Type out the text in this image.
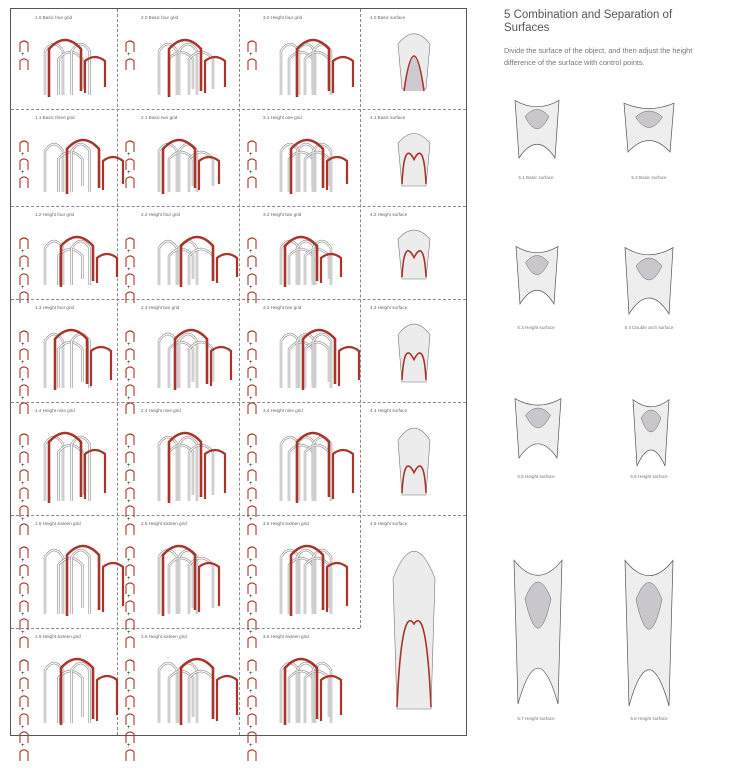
1.0 Basic four grid
+
2.0 Basic four grid
+
3.0 Height four grid
+
4.0 Basic surface
1.1 Basic three grid
+
+
2.1 Basic two grid
+
+
3.1 Height one grid
+
+
4.1 Basic surface
1.2 Height four grid
+
+
+
2.2 Height four grid
+
+
+
3.2 Height two grid
+
+
+
4.2 Height surface
1.3 Height four grid
+
+
+
+
2.3 Height two grid
+
+
+
+
3.3 Height two grid
+
+
+
+
4.3 Height surface
1.4 Height nine grid
+
+
+
+
+
2.4 Height nine grid
+
+
+
+
+
3.4 Height nine grid
+
+
+
+
+
4.4 Height surface
1.5 Height sixteen grid
+
+
+
+
+
2.5 Height sixteen grid
+
+
+
+
+
3.5 Height sixteen grid
+
+
+
+
+
4.5 Height surface
1.6 Height sixteen grid
+
+
+
+
+
2.6 Height sixteen grid
+
+
+
+
+
3.6 Height sixteen grid
+
+
+
+
+
5 Combination and Separation of Surfaces
Divide the surface of the object, and then adjust the height difference of the surface with control points.
5.1 Basic surface	5.2 Basic surface
5.3 Height surface	5.4 Double arch surface
5.5 Height surface	5.6 Height surface
5.7 Height surface	5.8 Height surface
